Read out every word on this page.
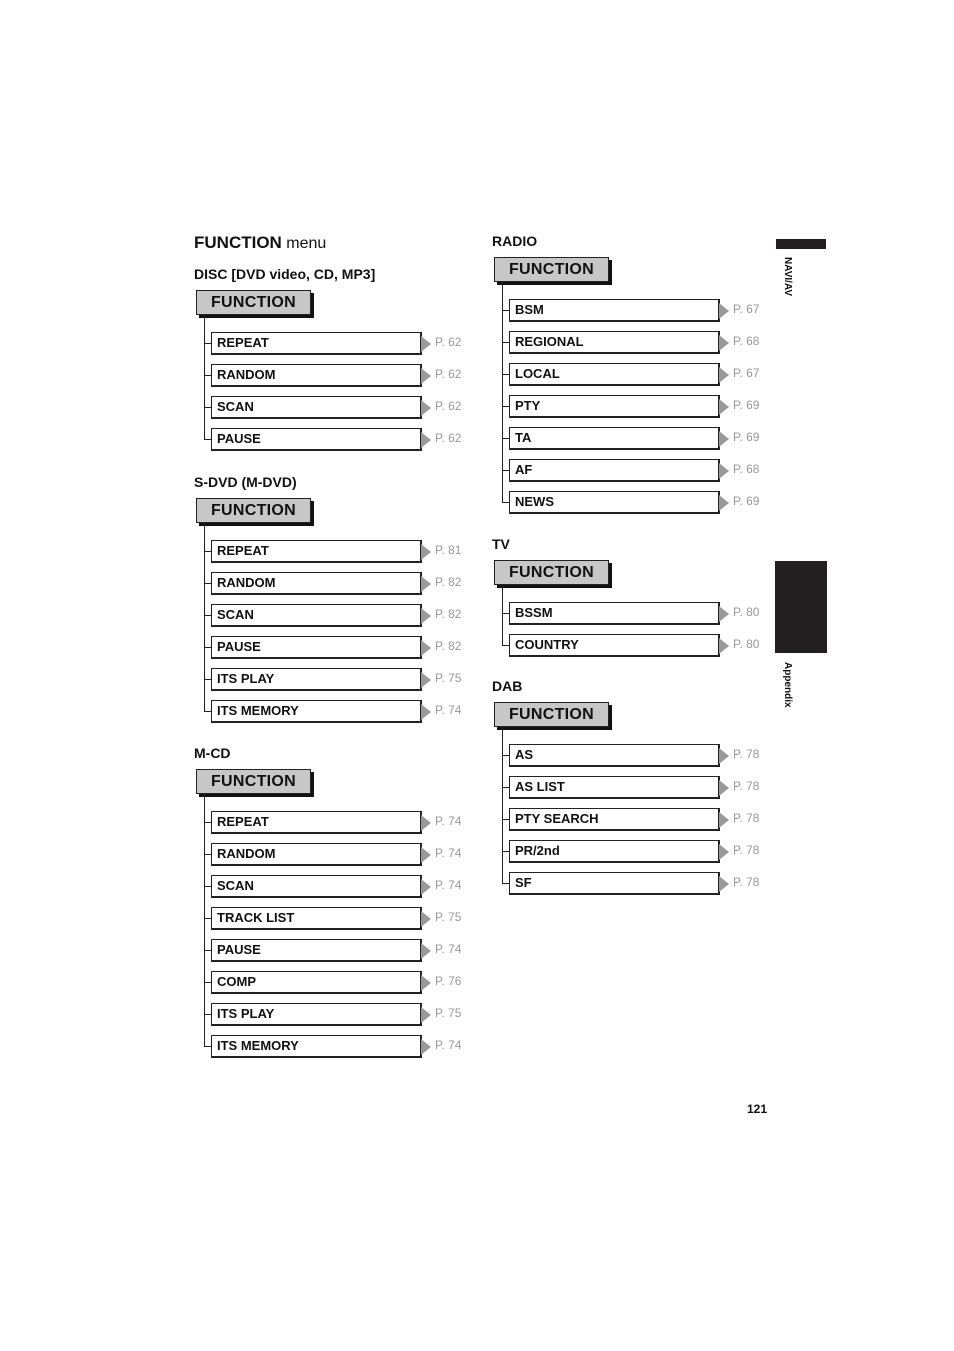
FUNCTION menu
DISC [DVD video, CD, MP3]
FUNCTION
REPEAT	P. 62
RANDOM	P. 62
SCAN	P. 62
PAUSE	P. 62
S-DVD (M-DVD)
FUNCTION
REPEAT	P. 81
RANDOM	P. 82
SCAN	P. 82
PAUSE	P. 82
ITS PLAY	P. 75
ITS MEMORY	P. 74
M-CD
FUNCTION
REPEAT	P. 74
RANDOM	P. 74
SCAN	P. 74
TRACK LIST	P. 75
PAUSE	P. 74
COMP	P. 76
ITS PLAY	P. 75
ITS MEMORY	P. 74
RADIO
FUNCTION
BSM	P. 67
REGIONAL	P. 68
LOCAL	P. 67
PTY	P. 69
TA	P. 69
AF	P. 68
NEWS	P. 69
TV
FUNCTION
BSSM	P. 80
COUNTRY	P. 80
DAB
FUNCTION
AS	P. 78
AS LIST	P. 78
PTY SEARCH	P. 78
PR/2nd	P. 78
SF	P. 78
NAVI/AV
Appendix
121
